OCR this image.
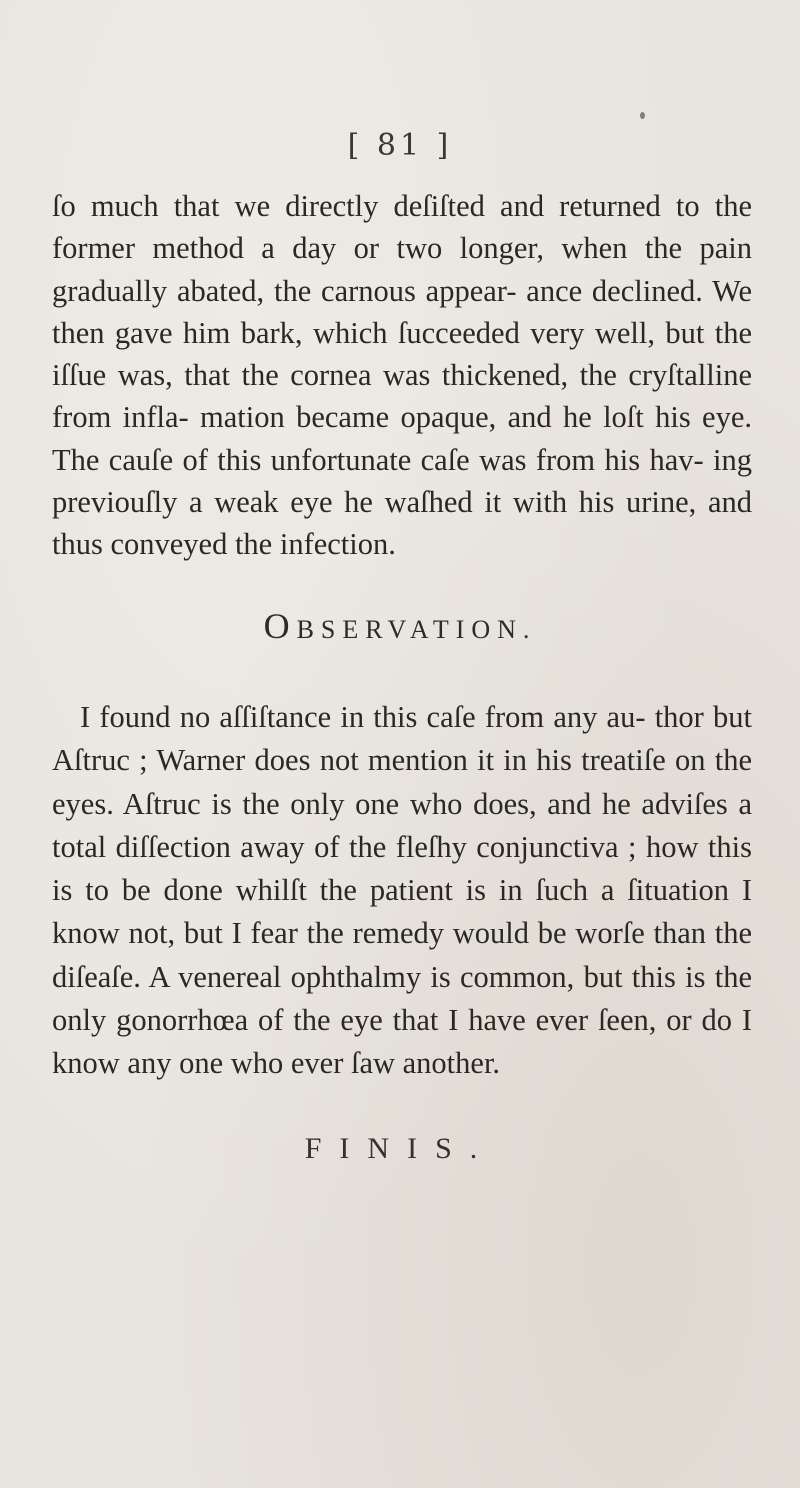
[ 81 ]

ſo much that we directly deſiſted and returned to the former method a day or two longer, when the pain gradually abated, the carnous appear- ance declined. We then gave him bark, which ſucceeded very well, but the iſſue was, that the cornea was thickened, the cryſtalline from infla- mation became opaque, and he loſt his eye. The cauſe of this unfortunate caſe was from his hav- ing previouſly a weak eye he waſhed it with his urine, and thus conveyed the infection.

OBSERVATION.

I found no aſſiſtance in this caſe from any au- thor but Aſtruc ; Warner does not mention it in his treatiſe on the eyes. Aſtruc is the only one who does, and he adviſes a total diſſection away of the fleſhy conjunctiva ; how this is to be done whilſt the patient is in ſuch a ſituation I know not, but I fear the remedy would be worſe than the diſeaſe. A venereal ophthalmy is common, but this is the only gonorrhœa of the eye that I have ever ſeen, or do I know any one who ever ſaw another.

FINIS.
